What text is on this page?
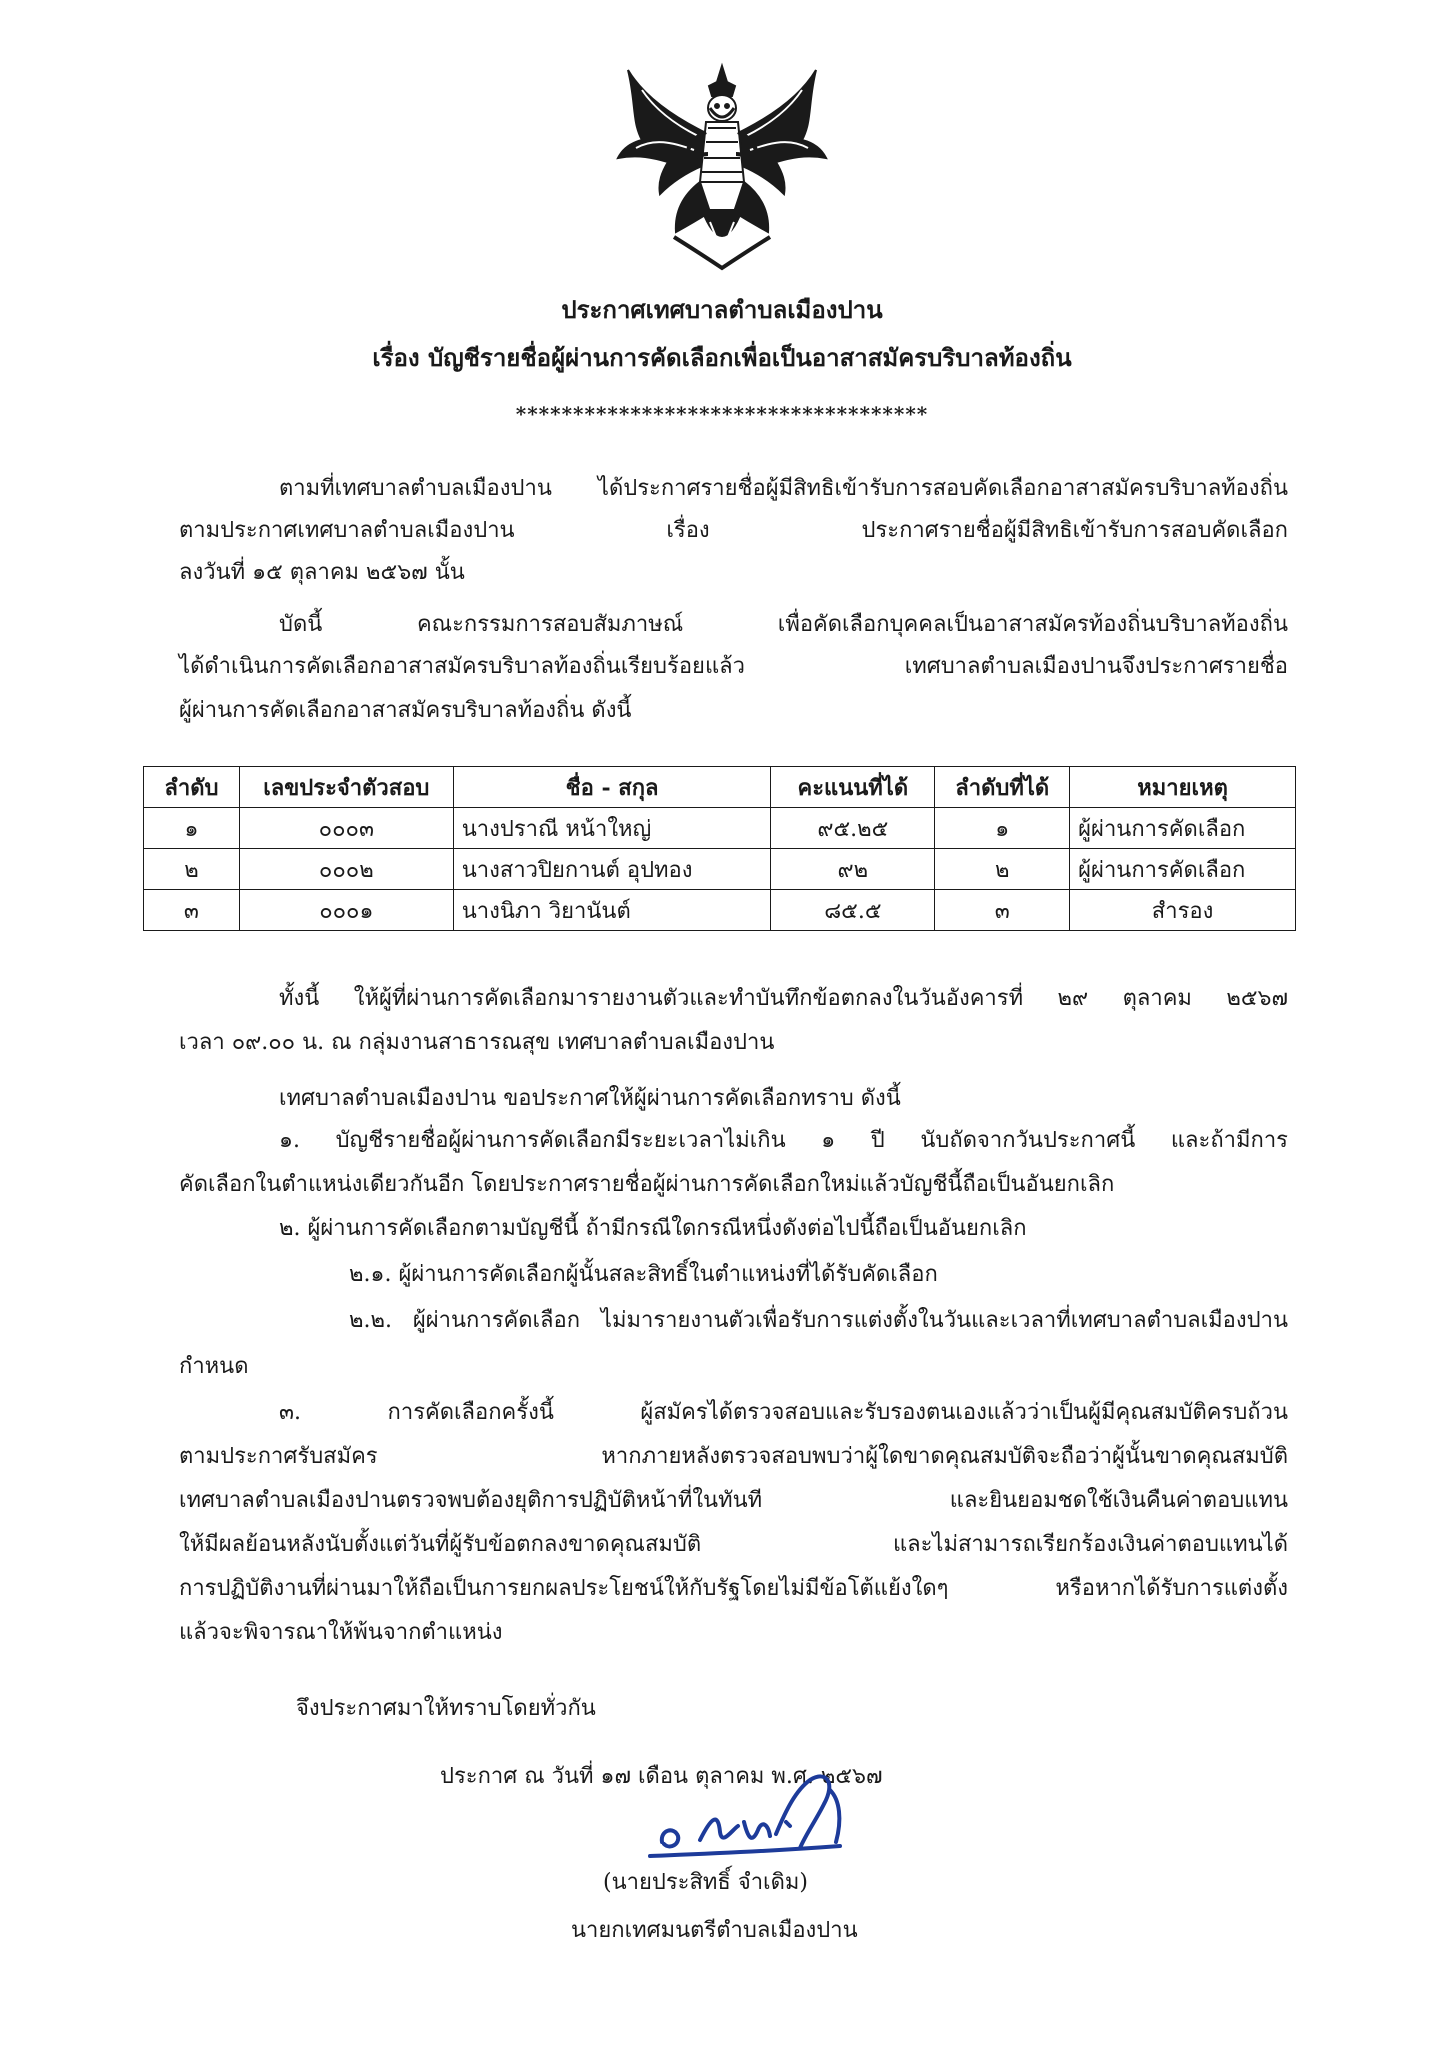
ประกาศเทศบาลตำบลเมืองปาน
เรื่อง บัญชีรายชื่อผู้ผ่านการคัดเลือกเพื่อเป็นอาสาสมัครบริบาลท้องถิ่น
************************************
ตามที่เทศบาลตำบลเมืองปาน ได้ประกาศรายชื่อผู้มีสิทธิเข้ารับการสอบคัดเลือกอาสาสมัครบริบาลท้องถิ่น
ตามประกาศเทศบาลตำบลเมืองปาน เรื่อง ประกาศรายชื่อผู้มีสิทธิเข้ารับการสอบคัดเลือก
ลงวันที่ ๑๕ ตุลาคม ๒๕๖๗ นั้น
บัดนี้ คณะกรรมการสอบสัมภาษณ์ เพื่อคัดเลือกบุคคลเป็นอาสาสมัครท้องถิ่นบริบาลท้องถิ่น
ได้ดำเนินการคัดเลือกอาสาสมัครบริบาลท้องถิ่นเรียบร้อยแล้ว เทศบาลตำบลเมืองปานจึงประกาศรายชื่อ
ผู้ผ่านการคัดเลือกอาสาสมัครบริบาลท้องถิ่น ดังนี้
ลำดับ	เลขประจำตัวสอบ	ชื่อ - สกุล	คะแนนที่ได้	ลำดับที่ได้	หมายเหตุ
๑	๐๐๐๓	นางปราณี หน้าใหญ่	๙๕.๒๕	๑	ผู้ผ่านการคัดเลือก
๒	๐๐๐๒	นางสาวปิยกานต์ อุปทอง	๙๒	๒	ผู้ผ่านการคัดเลือก
๓	๐๐๐๑	นางนิภา วิยานันต์	๘๕.๕	๓	สำรอง
ทั้งนี้ ให้ผู้ที่ผ่านการคัดเลือกมารายงานตัวและทำบันทึกข้อตกลงในวันอังคารที่ ๒๙ ตุลาคม ๒๕๖๗
เวลา ๐๙.๐๐ น. ณ กลุ่มงานสาธารณสุข เทศบาลตำบลเมืองปาน
เทศบาลตำบลเมืองปาน ขอประกาศให้ผู้ผ่านการคัดเลือกทราบ ดังนี้
๑. บัญชีรายชื่อผู้ผ่านการคัดเลือกมีระยะเวลาไม่เกิน ๑ ปี นับถัดจากวันประกาศนี้ และถ้ามีการ
คัดเลือกในตำแหน่งเดียวกันอีก โดยประกาศรายชื่อผู้ผ่านการคัดเลือกใหม่แล้วบัญชีนี้ถือเป็นอันยกเลิก
๒. ผู้ผ่านการคัดเลือกตามบัญชีนี้ ถ้ามีกรณีใดกรณีหนึ่งดังต่อไปนี้ถือเป็นอันยกเลิก
๒.๑. ผู้ผ่านการคัดเลือกผู้นั้นสละสิทธิ์ในตำแหน่งที่ได้รับคัดเลือก
๒.๒. ผู้ผ่านการคัดเลือก ไม่มารายงานตัวเพื่อรับการแต่งตั้งในวันและเวลาที่เทศบาลตำบลเมืองปาน
กำหนด
๓. การคัดเลือกครั้งนี้ ผู้สมัครได้ตรวจสอบและรับรองตนเองแล้วว่าเป็นผู้มีคุณสมบัติครบถ้วน
ตามประกาศรับสมัคร หากภายหลังตรวจสอบพบว่าผู้ใดขาดคุณสมบัติจะถือว่าผู้นั้นขาดคุณสมบัติ
เทศบาลตำบลเมืองปานตรวจพบต้องยุติการปฏิบัติหน้าที่ในทันที และยินยอมชดใช้เงินคืนค่าตอบแทน
ให้มีผลย้อนหลังนับตั้งแต่วันที่ผู้รับข้อตกลงขาดคุณสมบัติ และไม่สามารถเรียกร้องเงินค่าตอบแทนได้
การปฏิบัติงานที่ผ่านมาให้ถือเป็นการยกผลประโยชน์ให้กับรัฐโดยไม่มีข้อโต้แย้งใดๆ หรือหากได้รับการแต่งตั้ง
แล้วจะพิจารณาให้พ้นจากตำแหน่ง
จึงประกาศมาให้ทราบโดยทั่วกัน
ประกาศ ณ วันที่ ๑๗ เดือน ตุลาคม พ.ศ. ๒๕๖๗
(นายประสิทธิ์ จำเดิม)
นายกเทศมนตรีตำบลเมืองปาน
